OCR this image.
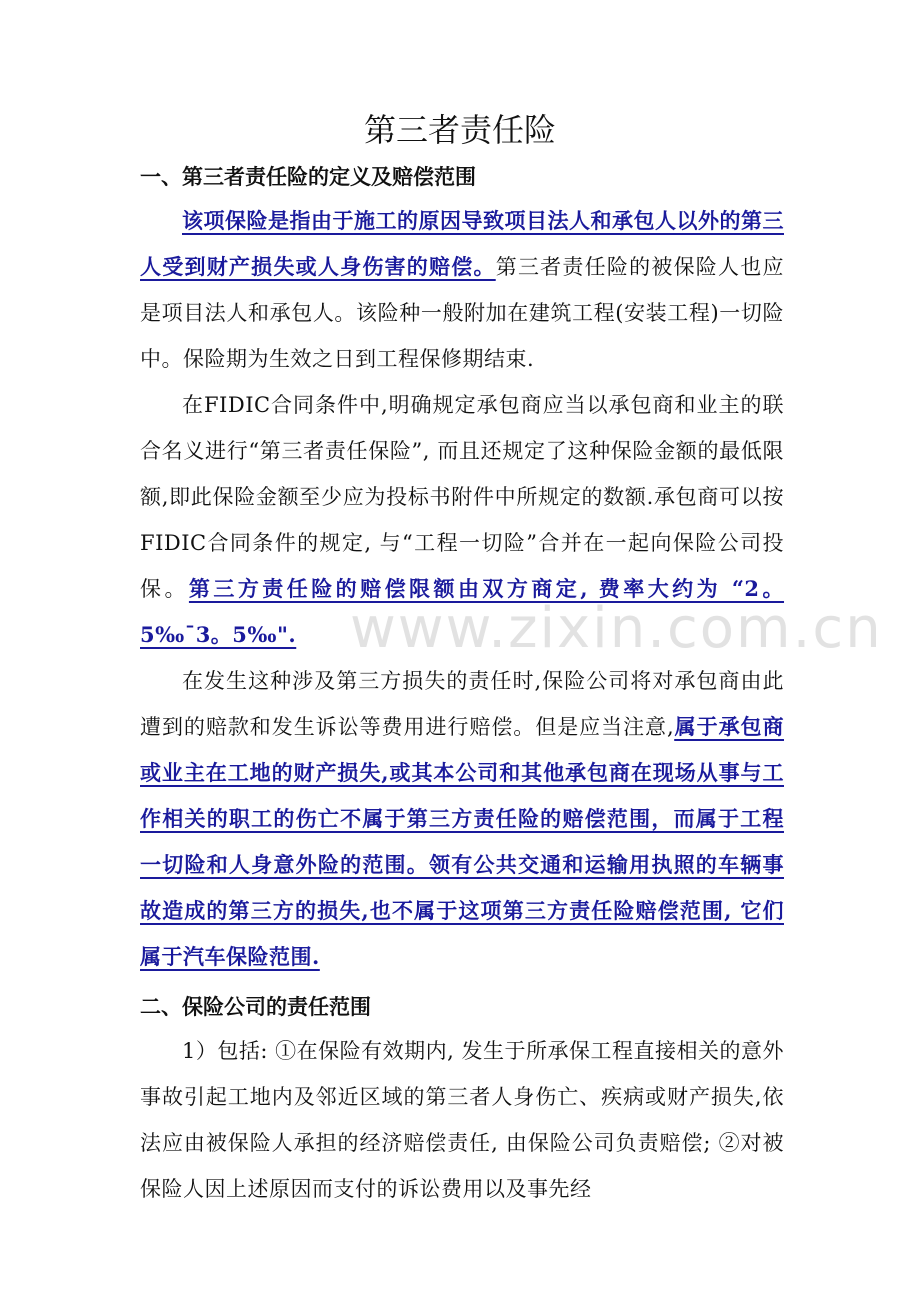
www.zixin.com.cn
第三者责任险
一、第三者责任险的定义及赔偿范围

该项保险是指由于施工的原因导致项目法人和承包人以外的第三人受到财产损失或人身伤害的赔偿。第三者责任险的被保险人也应是项目法人和承包人。该险种一般附加在建筑工程(安装工程)一切险中。保险期为生效之日到工程保修期结束.

在FIDIC合同条件中,明确规定承包商应当以承包商和业主的联合名义进行“第三者责任保险”, 而且还规定了这种保险金额的最低限额,即此保险金额至少应为投标书附件中所规定的数额.承包商可以按FIDIC合同条件的规定, 与“工程一切险”合并在一起向保险公司投保。第三方责任险的赔偿限额由双方商定, 费率大约为 “2。5‰¯3。5‰".

在发生这种涉及第三方损失的责任时,保险公司将对承包商由此遭到的赔款和发生诉讼等费用进行赔偿。但是应当注意,属于承包商或业主在工地的财产损失,或其本公司和其他承包商在现场从事与工作相关的职工的伤亡不属于第三方责任险的赔偿范围，而属于工程一切险和人身意外险的范围。领有公共交通和运输用执照的车辆事故造成的第三方的损失,也不属于这项第三方责任险赔偿范围, 它们属于汽车保险范围.

二、保险公司的责任范围

1）包括: ①在保险有效期内, 发生于所承保工程直接相关的意外事故引起工地内及邻近区域的第三者人身伤亡、疾病或财产损失,依法应由被保险人承担的经济赔偿责任, 由保险公司负责赔偿; ②对被保险人因上述原因而支付的诉讼费用以及事先经
